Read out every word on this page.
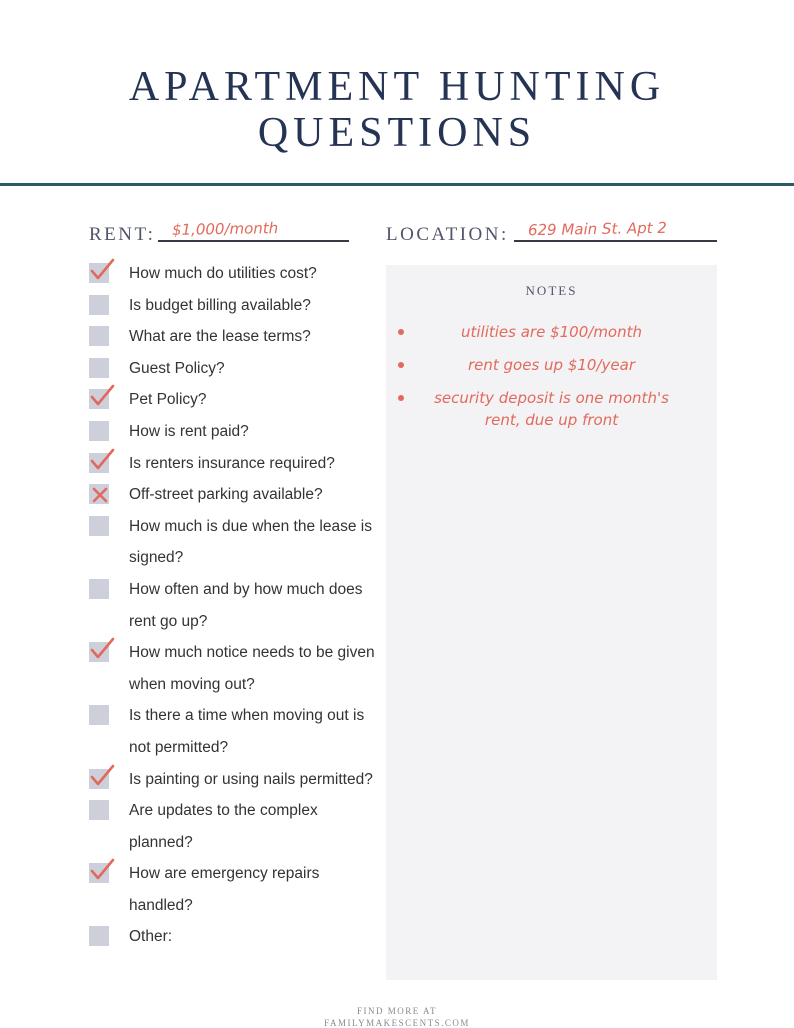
APARTMENT HUNTING
QUESTIONS
RENT: $1,000/month	LOCATION: 629 Main St. Apt 2
How much do utilities cost?
Is budget billing available?
What are the lease terms?
Guest Policy?
Pet Policy?
How is rent paid?
Is renters insurance required?
Off-street parking available?
How much is due when the lease is signed?
How often and by how much does rent go up?
How much notice needs to be given when moving out?
Is there a time when moving out is not permitted?
Is painting or using nails permitted?
Are updates to the complex planned?
How are emergency repairs handled?
Other:
NOTES
utilities are $100/month
rent goes up $10/year
security deposit is one month's rent, due up front
FIND MORE AT
FAMILYMAKESCENTS.COM
